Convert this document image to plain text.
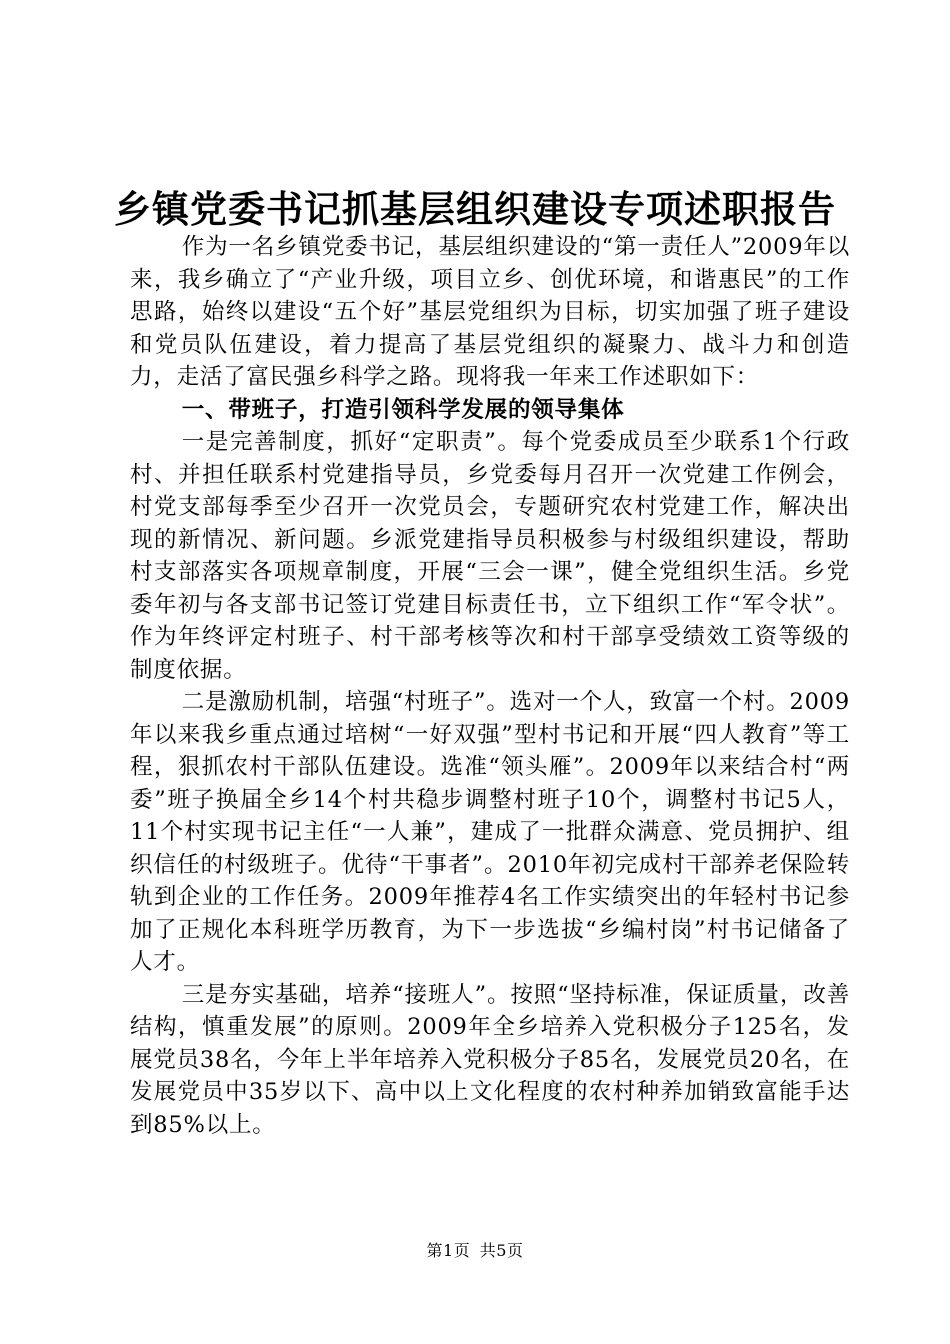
乡镇党委书记抓基层组织建设专项述职报告

作为一名乡镇党委书记，基层组织建设的“第一责任人”2009年以来，我乡确立了“产业升级，项目立乡、创优环境，和谐惠民”的工作思路，始终以建设“五个好”基层党组织为目标，切实加强了班子建设和党员队伍建设，着力提高了基层党组织的凝聚力、战斗力和创造力，走活了富民强乡科学之路。现将我一年来工作述职如下：

一、带班子，打造引领科学发展的领导集体

一是完善制度，抓好“定职责”。每个党委成员至少联系1个行政村、并担任联系村党建指导员，乡党委每月召开一次党建工作例会，村党支部每季至少召开一次党员会，专题研究农村党建工作，解决出现的新情况、新问题。乡派党建指导员积极参与村级组织建设，帮助村支部落实各项规章制度，开展“三会一课”，健全党组织生活。乡党委年初与各支部书记签订党建目标责任书，立下组织工作“军令状”。作为年终评定村班子、村干部考核等次和村干部享受绩效工资等级的制度依据。

二是激励机制，培强“村班子”。选对一个人，致富一个村。2009年以来我乡重点通过培树“一好双强”型村书记和开展“四人教育”等工程，狠抓农村干部队伍建设。选准“领头雁”。2009年以来结合村“两委”班子换届全乡14个村共稳步调整村班子10个，调整村书记5人，11个村实现书记主任“一人兼”，建成了一批群众满意、党员拥护、组织信任的村级班子。优待“干事者”。2010年初完成村干部养老保险转轨到企业的工作任务。2009年推荐4名工作实绩突出的年轻村书记参加了正规化本科班学历教育，为下一步选拔“乡编村岗”村书记储备了人才。

三是夯实基础，培养“接班人”。按照“坚持标准，保证质量，改善结构，慎重发展”的原则。2009年全乡培养入党积极分子125名，发展党员38名，今年上半年培养入党积极分子85名，发展党员20名，在发展党员中35岁以下、高中以上文化程度的农村种养加销致富能手达到85%以上。

第1页 共5页
